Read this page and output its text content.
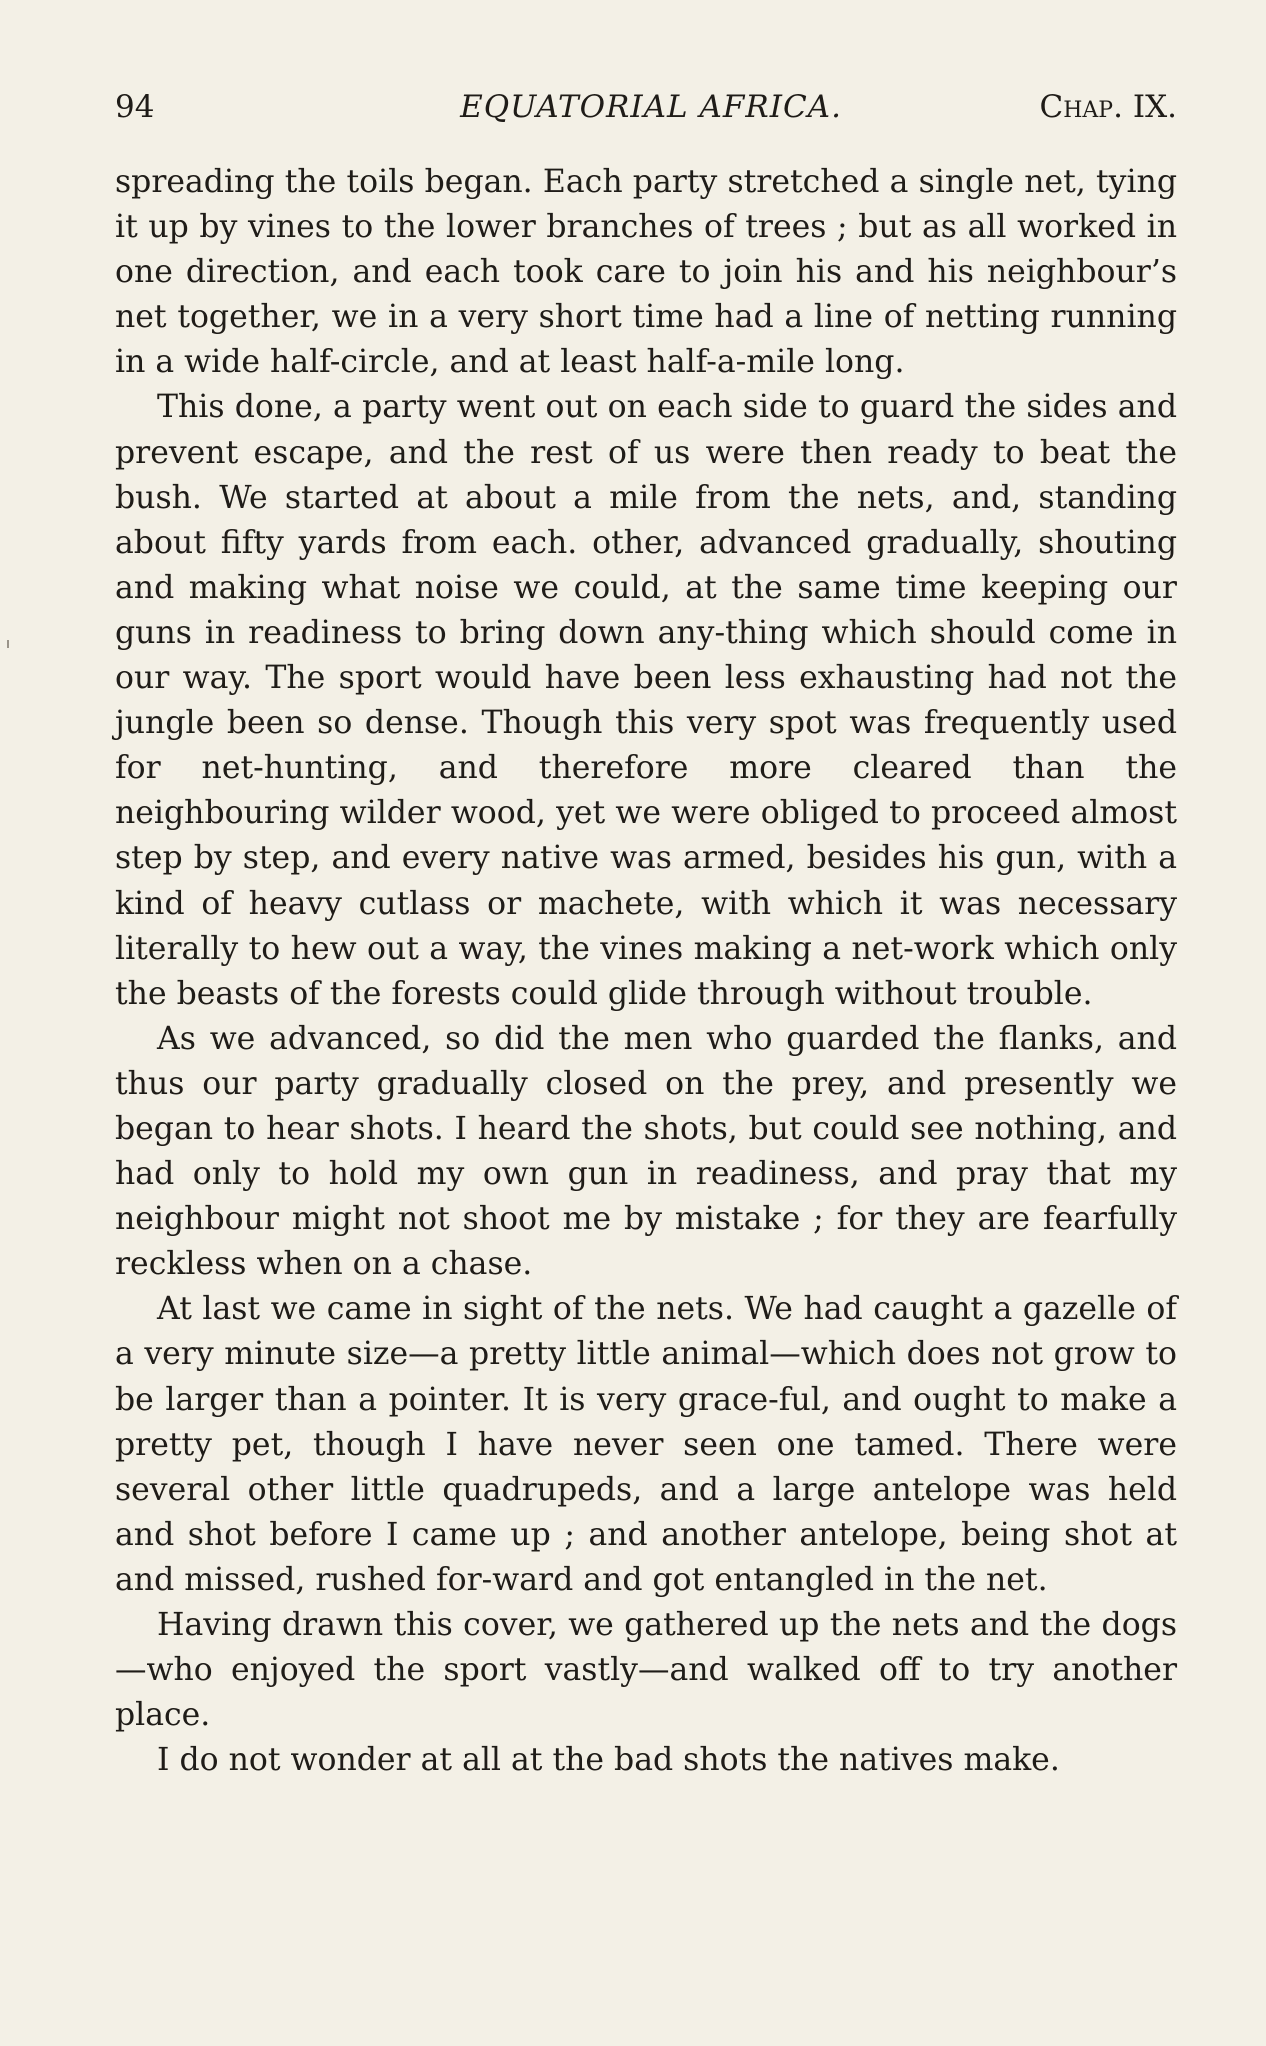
94	EQUATORIAL AFRICA.	Chap. IX.

spreading the toils began. Each party stretched a single net, tying it up by vines to the lower branches of trees ; but as all worked in one direction, and each took care to join his and his neighbour’s net together, we in a very short time had a line of netting running in a wide half-circle, and at least half-a-mile long.

This done, a party went out on each side to guard the sides and prevent escape, and the rest of us were then ready to beat the bush. We started at about a mile from the nets, and, standing about fifty yards from each. other, advanced gradually, shouting and making what noise we could, at the same time keeping our guns in readiness to bring down any-thing which should come in our way. The sport would have been less exhausting had not the jungle been so dense. Though this very spot was frequently used for net-hunting, and therefore more cleared than the neighbouring wilder wood, yet we were obliged to proceed almost step by step, and every native was armed, besides his gun, with a kind of heavy cutlass or machete, with which it was necessary literally to hew out a way, the vines making a net-work which only the beasts of the forests could glide through without trouble.

As we advanced, so did the men who guarded the flanks, and thus our party gradually closed on the prey, and presently we began to hear shots. I heard the shots, but could see nothing, and had only to hold my own gun in readiness, and pray that my neighbour might not shoot me by mistake ; for they are fearfully reckless when on a chase.

At last we came in sight of the nets. We had caught a gazelle of a very minute size—a pretty little animal—which does not grow to be larger than a pointer. It is very grace-ful, and ought to make a pretty pet, though I have never seen one tamed. There were several other little quadrupeds, and a large antelope was held and shot before I came up ; and another antelope, being shot at and missed, rushed for-ward and got entangled in the net.

Having drawn this cover, we gathered up the nets and the dogs—who enjoyed the sport vastly—and walked off to try another place.

I do not wonder at all at the bad shots the natives make.
